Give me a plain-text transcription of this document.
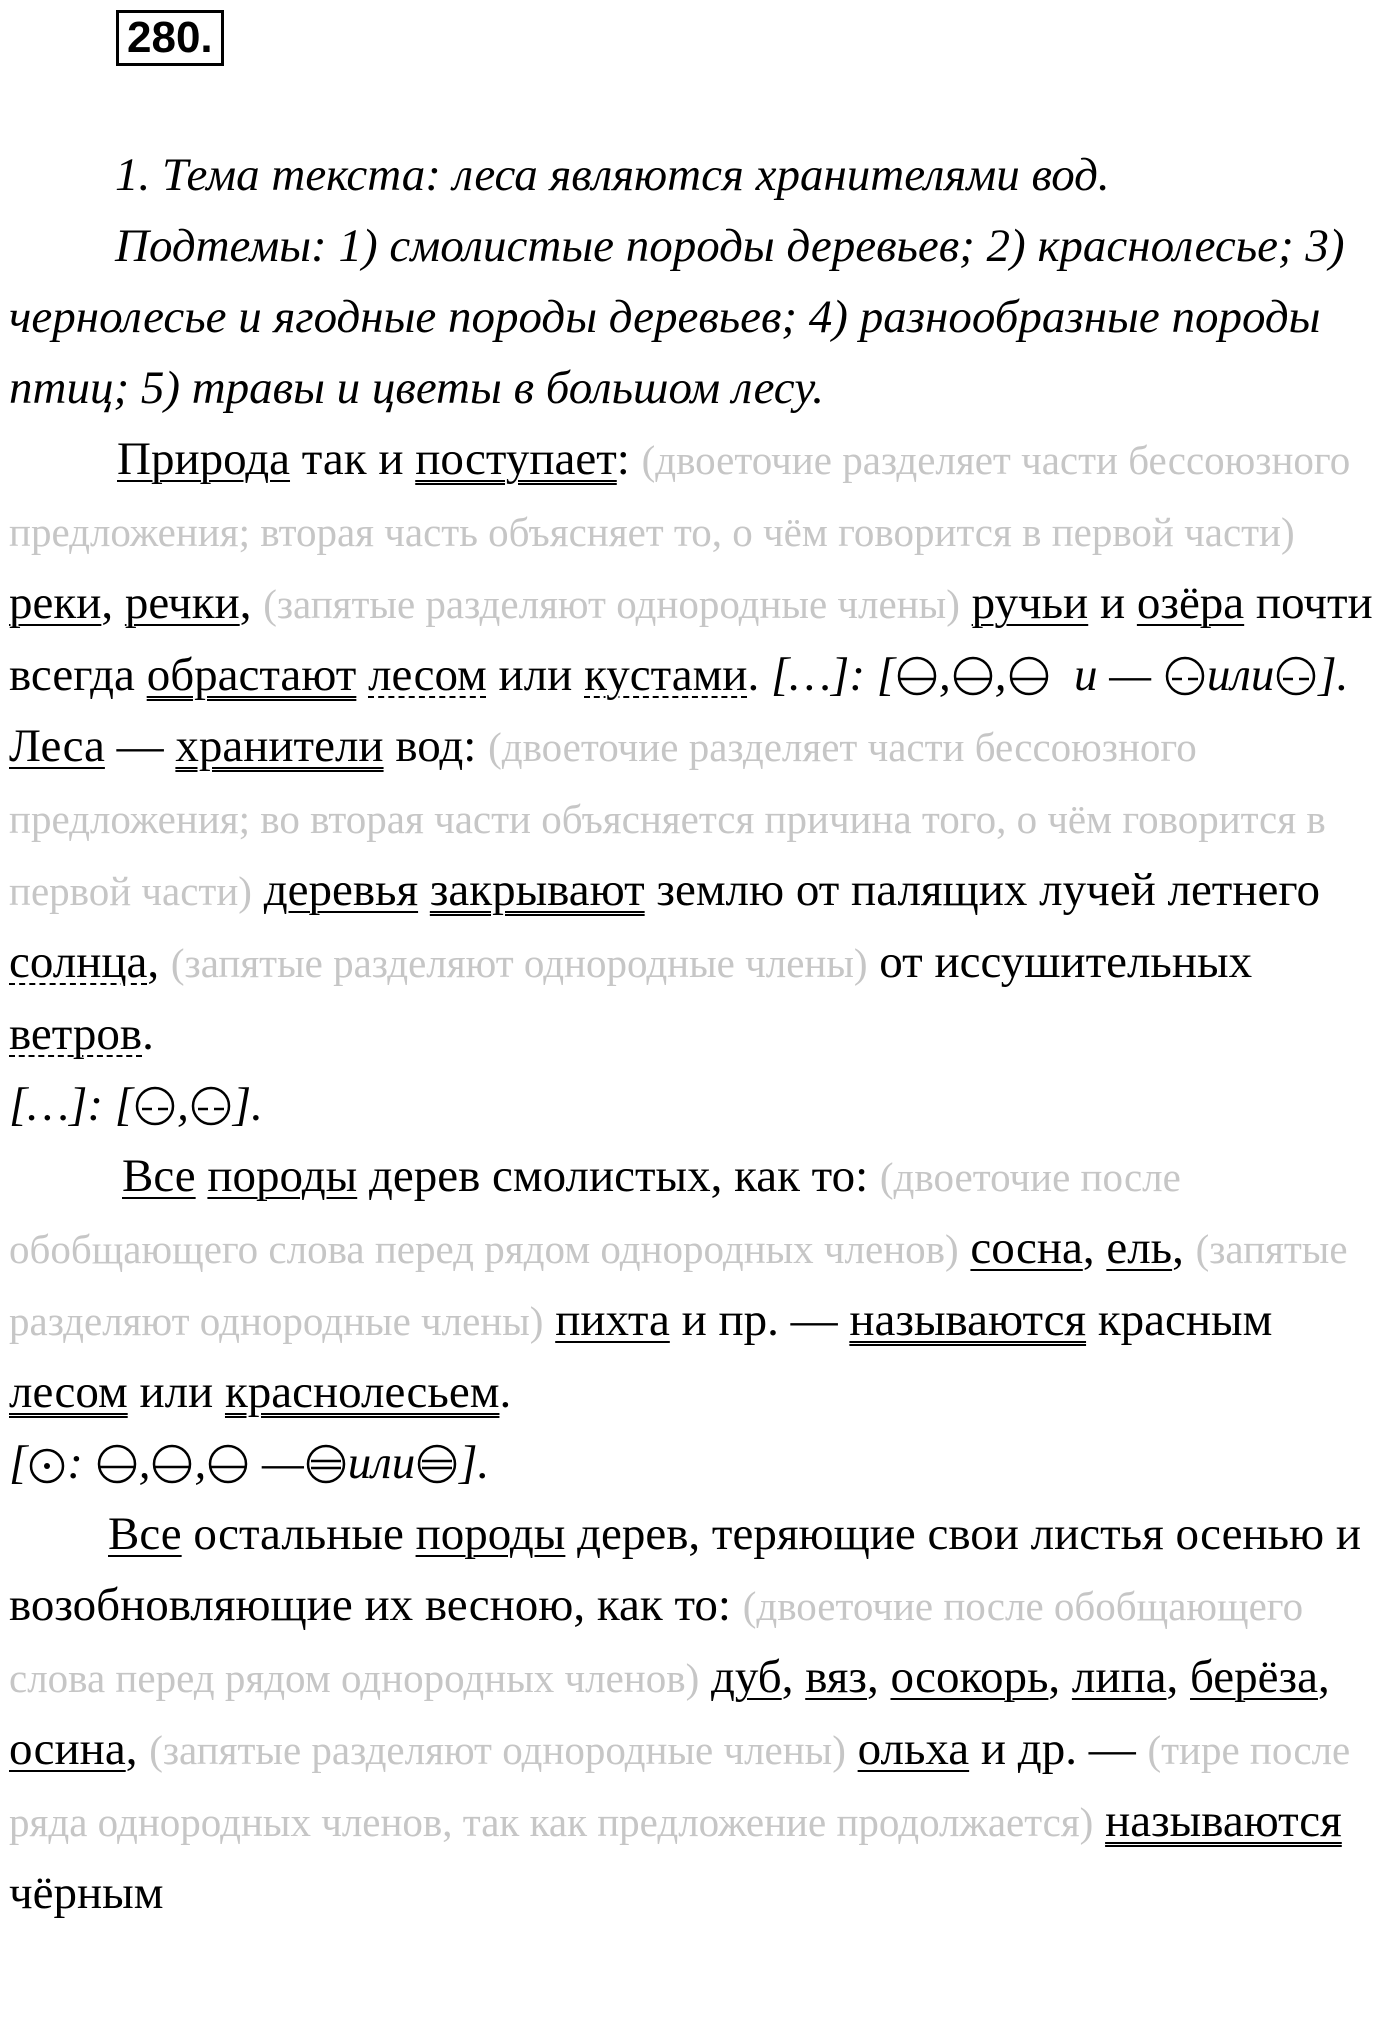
280.

1. Тема текста: леса являются хранителями вод.

Подтемы: 1) смолистые породы деревьев; 2) краснолесье; 3) чернолесье и ягодные породы деревьев; 4) разнообразные породы птиц; 5) травы и цветы в большом лесу.

Природа так и поступает: (двоеточие разделяет части бессоюзного предложения; вторая часть объясняет то, о чём говорится в первой части) реки, речки, (запятые разделяют однородные члены) ручьи и озёра почти всегда обрастают лесом или кустами. […]: [ , , и — или ].

Леса — хранители вод: (двоеточие разделяет части бессоюзного предложения; во вторая части объясняется причина того, о чём говорится в первой части) деревья закрывают землю от палящих лучей летнего солнца, (запятые разделяют однородные члены) от иссушительных ветров.
[…]: [ , ].

Все породы дерев смолистых, как то: (двоеточие после обобщающего слова перед рядом однородных членов) сосна, ель, (запятые разделяют однородные члены) пихта и пр. — называются красным лесом или краснолесьем.
[ : , , — или ].

Все остальные породы дерев, теряющие свои листья осенью и возобновляющие их весною, как то: (двоеточие после обобщающего слова перед рядом однородных членов) дуб, вяз, осокорь, липа, берёза, осина, (запятые разделяют однородные члены) ольха и др. — (тире после ряда однородных членов, так как предложение продолжается) называются чёрным
